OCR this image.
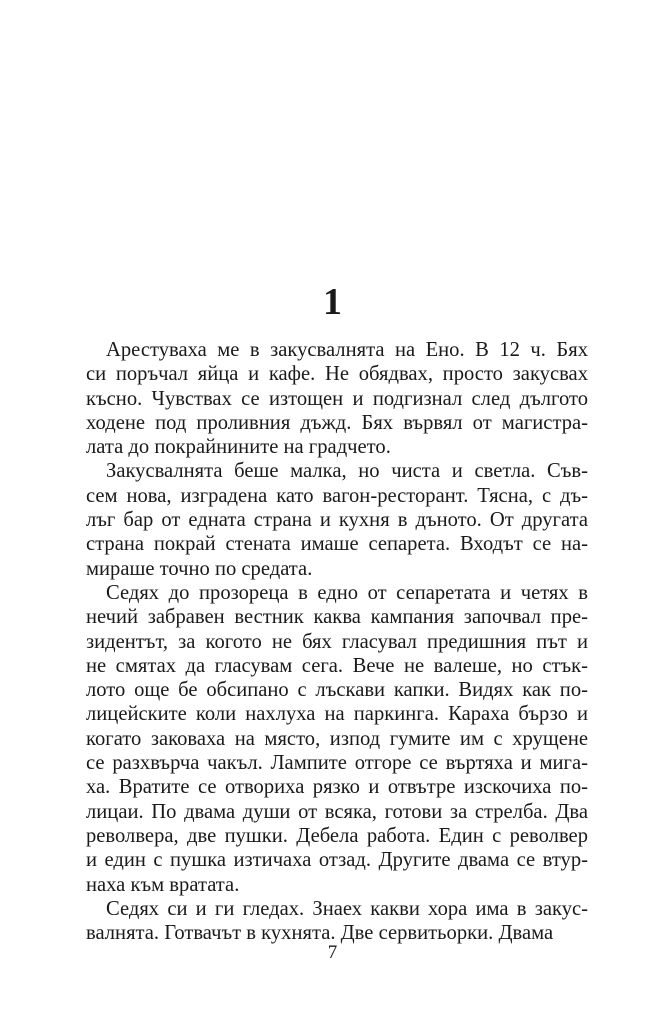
1
Арестуваха ме в закусвалнята на Ено. В 12 ч. Бях
си поръчал яйца и кафе. Не обядвах, просто закусвах
късно. Чувствах се изтощен и подгизнал след дългото
ходене под проливния дъжд. Бях вървял от магистра-
лата до покрайнините на градчето.
Закусвалнята беше малка, но чиста и светла. Съв-
сем нова, изградена като вагон-ресторант. Тясна, с дъ-
лъг бар от едната страна и кухня в дъното. От другата
страна покрай стената имаше сепарета. Входът се на-
мираше точно по средата.
Седях до прозореца в едно от сепаретата и четях в
нечий забравен вестник каква кампания започвал пре-
зидентът, за когото не бях гласувал предишния път и
не смятах да гласувам сега. Вече не валеше, но стък-
лото още бе обсипано с лъскави капки. Видях как по-
лицейските коли нахлуха на паркинга. Караха бързо и
когато заковаха на място, изпод гумите им с хрущене
се разхвърча чакъл. Лампите отгоре се въртяха и мига-
ха. Вратите се отвориха рязко и отвътре изскочиха по-
лицаи. По двама души от всяка, готови за стрелба. Два
револвера, две пушки. Дебела работа. Един с револвер
и един с пушка изтичаха отзад. Другите двама се втур-
наха към вратата.
Седях си и ги гледах. Знаех какви хора има в закус-
валнята. Готвачът в кухнята. Две сервитьорки. Двама
7
